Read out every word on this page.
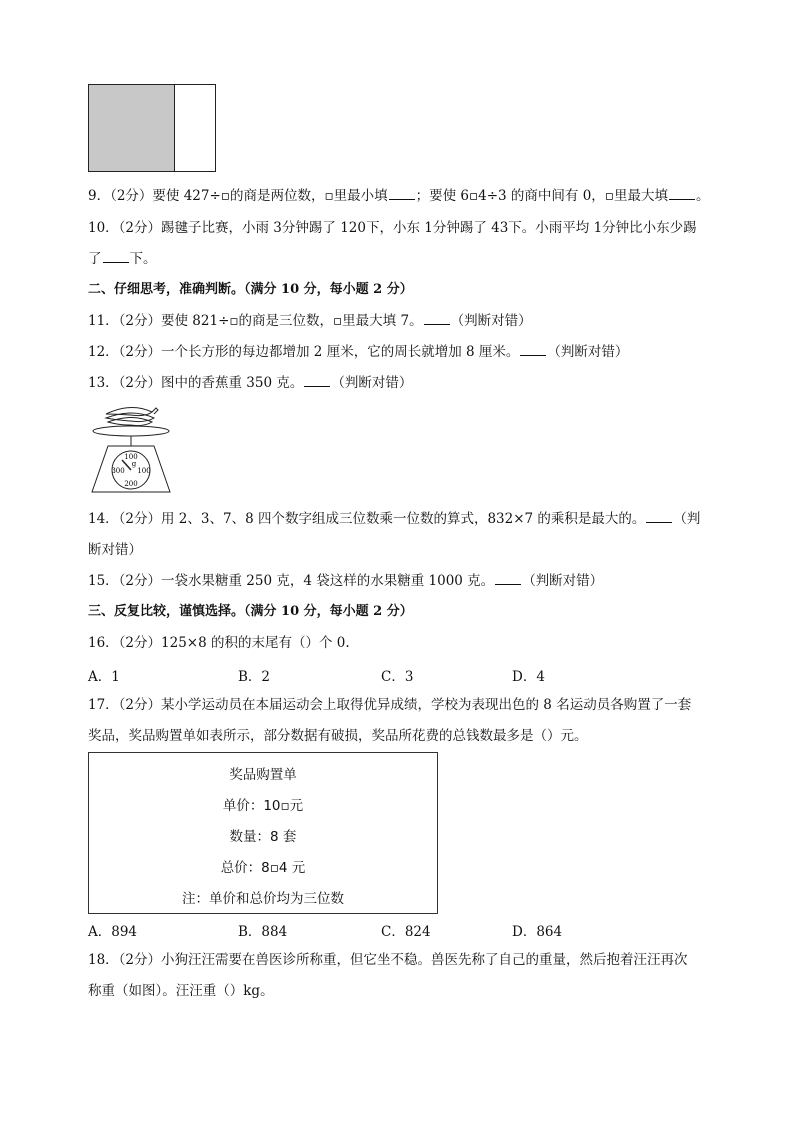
9．（2分）要使 427÷▫的商是两位数，▫里最小填 ；要使 6▫4÷3 的商中间有 0，▫里最大填 。
10．（2分）踢毽子比赛，小雨 3分钟踢了 120下，小东 1分钟踢了 43下。小雨平均 1分钟比小东少踢
了 下。
二、仔细思考，准确判断。（满分 10 分，每小题 2 分）
11．（2分）要使 821÷▫的商是三位数，▫里最大填 7。 （判断对错）
12．（2分）一个长方形的每边都增加 2 厘米，它的周长就增加 8 厘米。 （判断对错）
13．（2分）图中的香蕉重 350 克。 （判断对错）
100
g
300 100
200
14．（2分）用 2、3、7、8 四个数字组成三位数乘一位数的算式，832×7 的乘积是最大的。 （判
断对错）
15．（2分）一袋水果糖重 250 克，4 袋这样的水果糖重 1000 克。 （判断对错）
三、反复比较，谨慎选择。（满分 10 分，每小题 2 分）
16．（2分）125×8 的积的末尾有（）个 0.
A．1	B．2	C．3	D．4
17．（2分）某小学运动员在本届运动会上取得优异成绩，学校为表现出色的 8 名运动员各购置了一套
奖品，奖品购置单如表所示，部分数据有破损，奖品所花费的总钱数最多是（）元。
奖品购置单
单价：10▫元
数量：8 套
总价：8▫4 元
注：单价和总价均为三位数
A．894	B．884	C．824	D．864
18．（2分）小狗汪汪需要在兽医诊所称重，但它坐不稳。兽医先称了自己的重量，然后抱着汪汪再次
称重（如图）。汪汪重（）kg。
